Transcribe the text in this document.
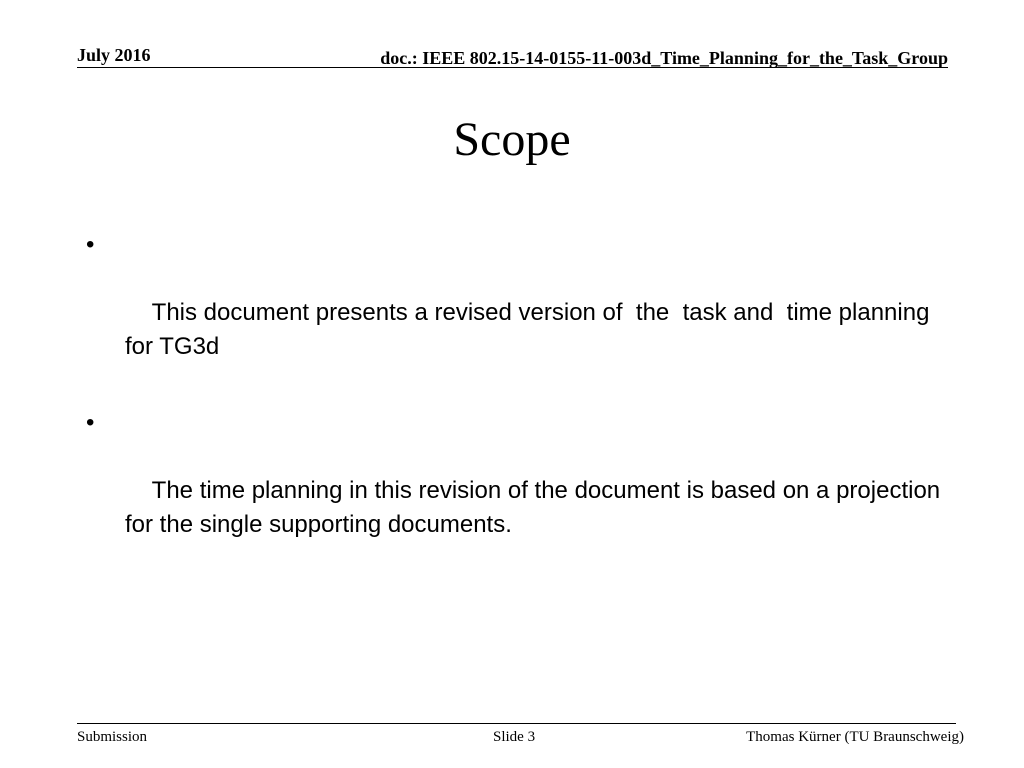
July 2016	doc.: IEEE 802.15-14-0155-11-003d_Time_Planning_for_the_Task_Group
Scope

•

This document presents a revised version of  the  task and  time planning  for TG3d

•

The time planning in this revision of the document is based on a projection for the single supporting documents.

Submission	Slide 3	Thomas Kürner (TU Braunschweig)
